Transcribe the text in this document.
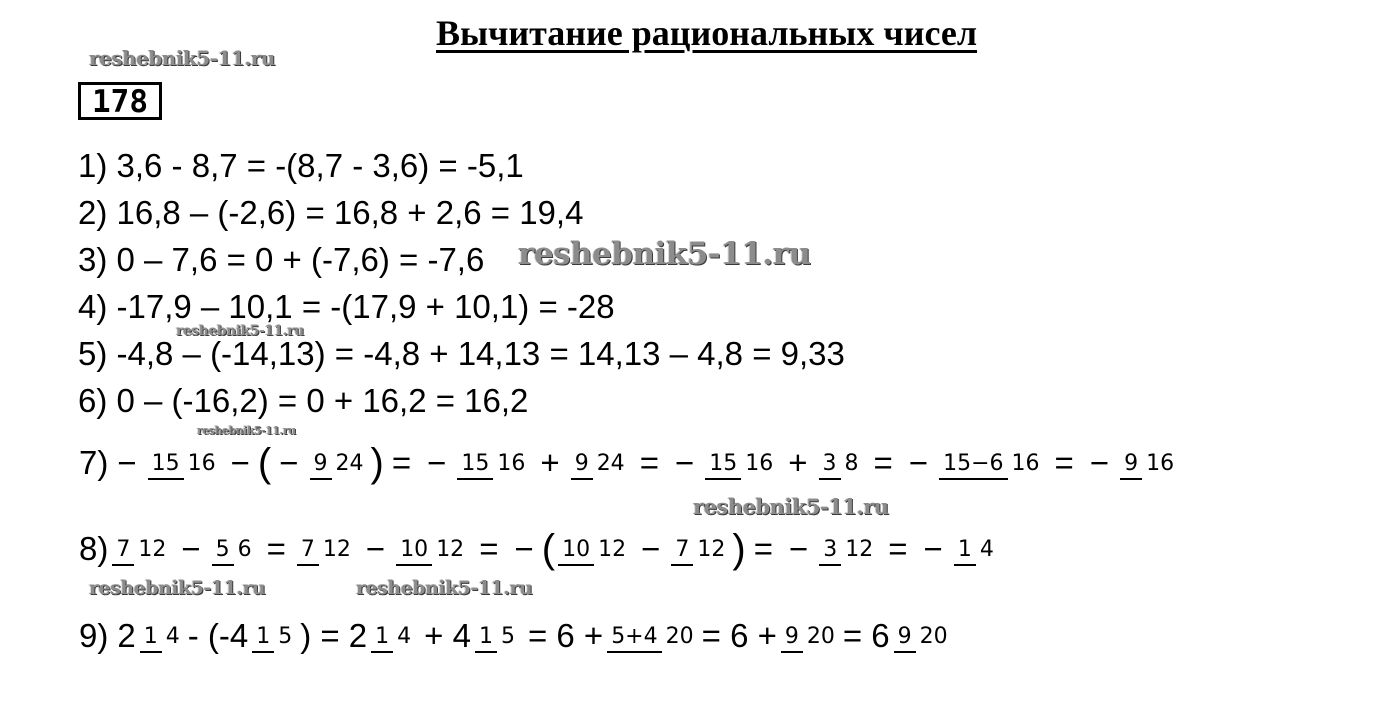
Вычитание рациональных чисел
reshebnik5-11.ru
178
1) 3,6 - 8,7 = -(8,7 - 3,6) = -5,1
2) 16,8 – (-2,6) = 16,8 + 2,6 = 19,4
3) 0 – 7,6 = 0 + (-7,6) = -7,6
4) -17,9 – 10,1 = -(17,9 + 10,1) = -28
5) -4,8 – (-14,13) = -4,8 + 14,13 = 14,13 – 4,8 = 9,33
6) 0 – (-16,2) = 0 + 16,2 = 16,2
7) − 15 16 − ( − 9 24 ) = − 15 16 + 9 24 = − 15 16 + 3 8 = − 15−6 16 = − 9 16
8) 7 12 − 5 6 = 7 12 − 10 12 = − ( 10 12 − 7 12 ) = − 3 12 = − 1 4
9) 2 1 4 - (-4 1 5 ) = 2 1 4 + 4 1 5 = 6 + 5+4 20 = 6 + 9 20 = 6 9 20
reshebnik5-11.ru
reshebnik5-11.ru
reshebnik5-11.ru
reshebnik5-11.ru
reshebnik5-11.ru	reshebnik5-11.ru
